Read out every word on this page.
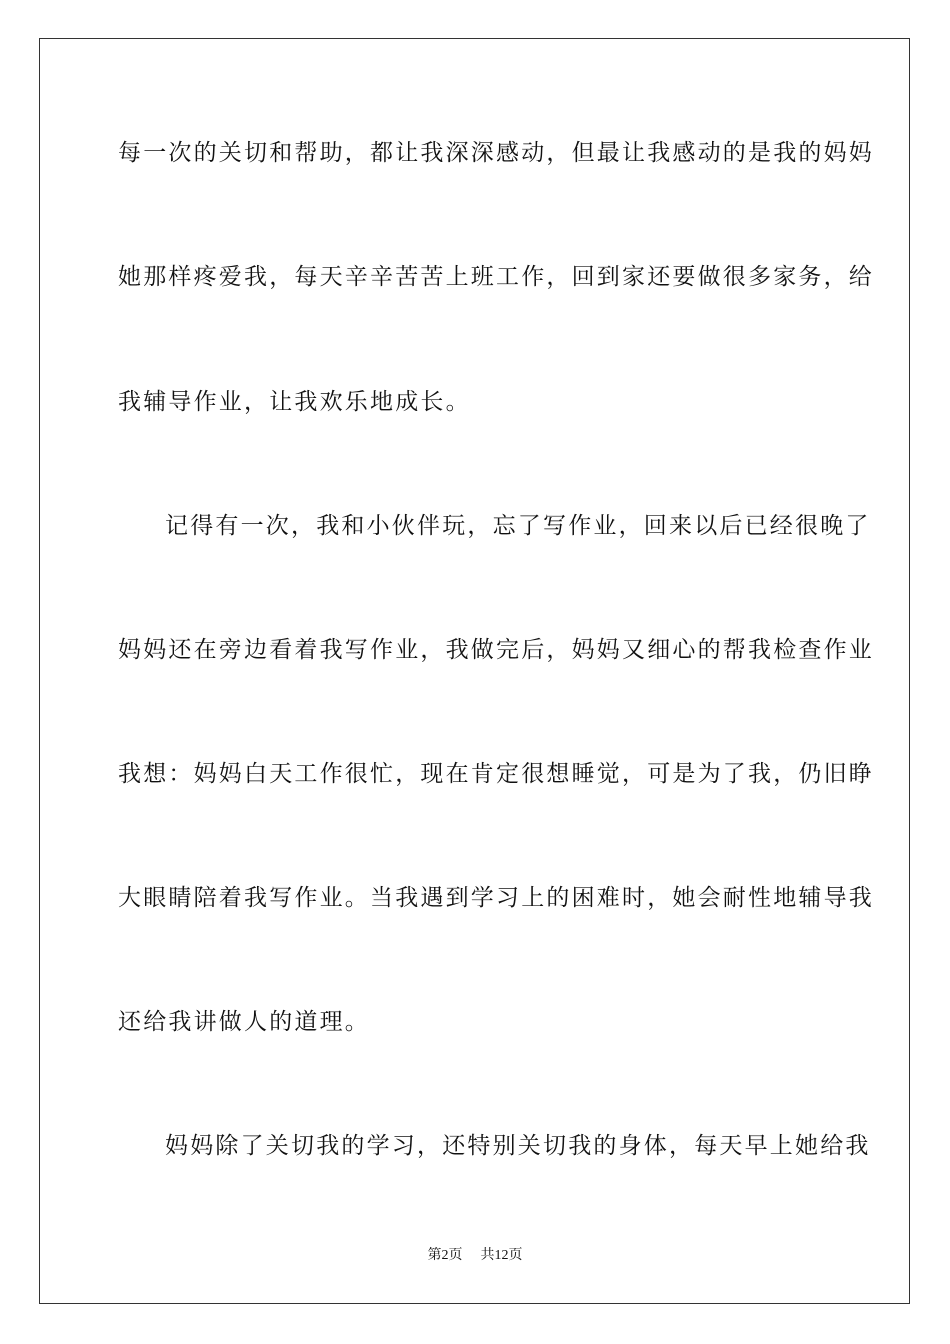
每一次的关切和帮助，都让我深深感动，但最让我感动的是我的妈妈
她那样疼爱我，每天辛辛苦苦上班工作，回到家还要做很多家务，给
我辅导作业，让我欢乐地成长。
记得有一次，我和小伙伴玩，忘了写作业，回来以后已经很晚了
妈妈还在旁边看着我写作业，我做完后，妈妈又细心的帮我检查作业
我想：妈妈白天工作很忙，现在肯定很想睡觉，可是为了我，仍旧睁
大眼睛陪着我写作业。当我遇到学习上的困难时，她会耐性地辅导我
还给我讲做人的道理。
妈妈除了关切我的学习，还特别关切我的身体，每天早上她给我
第2页 共12页
